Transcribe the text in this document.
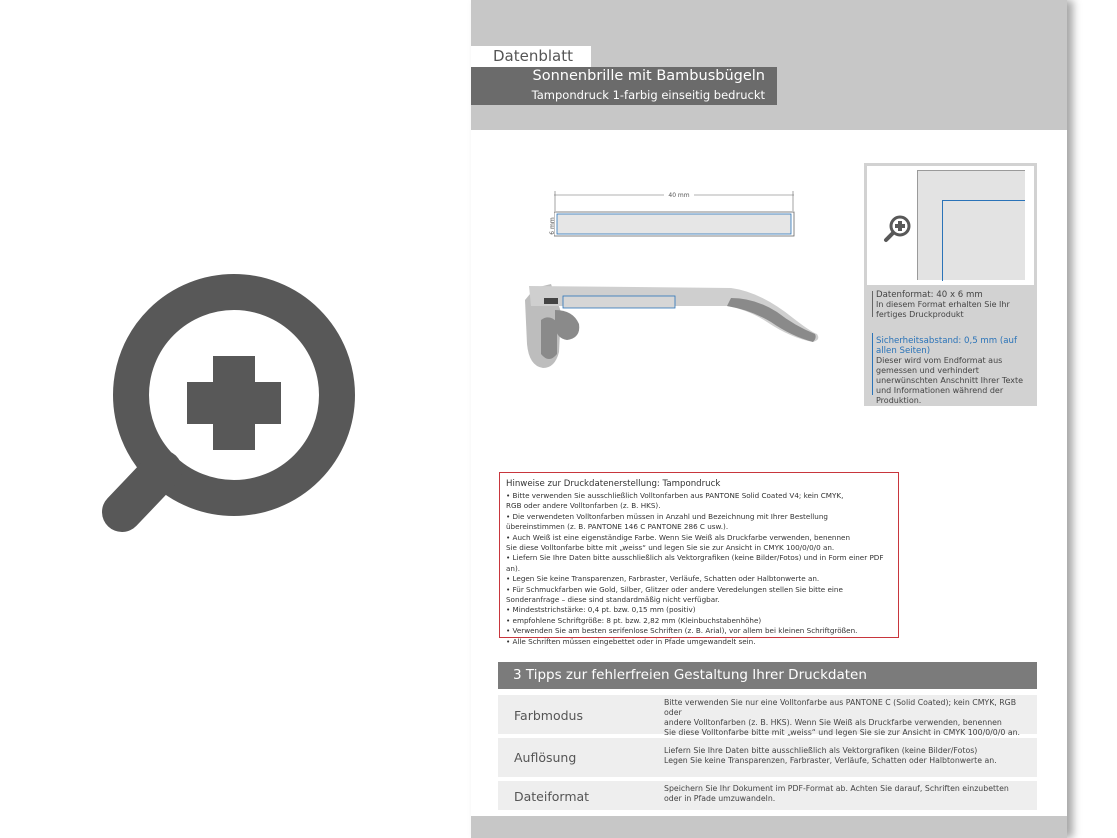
Datenblatt
Sonnenbrille mit Bambusbügeln
Tampondruck 1-farbig einseitig bedruckt
40 mm
6 mm
Datenformat: 40 x 6 mm
In diesem Format erhalten Sie Ihr fertiges Druckprodukt
Sicherheitsabstand: 0,5 mm (auf allen Seiten)
Dieser wird vom Endformat aus gemessen und verhindert unerwünschten Anschnitt Ihrer Texte und Informationen während der Produktion.
Hinweise zur Druckdatenerstellung: Tampondruck
• Bitte verwenden Sie ausschließlich Volltonfarben aus PANTONE Solid Coated V4; kein CMYK,
RGB oder andere Volltonfarben (z. B. HKS).
• Die verwendeten Volltonfarben müssen in Anzahl und Bezeichnung mit Ihrer Bestellung
übereinstimmen (z. B. PANTONE 146 C PANTONE 286 C usw.).
• Auch Weiß ist eine eigenständige Farbe. Wenn Sie Weiß als Druckfarbe verwenden, benennen
Sie diese Volltonfarbe bitte mit „weiss“ und legen Sie sie zur Ansicht in CMYK 100/0/0/0 an.
• Liefern Sie Ihre Daten bitte ausschließlich als Vektorgrafiken (keine Bilder/Fotos) und in Form einer PDF an).
• Legen Sie keine Transparenzen, Farbraster, Verläufe, Schatten oder Halbtonwerte an.
• Für Schmuckfarben wie Gold, Silber, Glitzer oder andere Veredelungen stellen Sie bitte eine
Sonderanfrage – diese sind standardmäßig nicht verfügbar.
• Mindeststrichstärke: 0,4 pt. bzw. 0,15 mm (positiv)
• empfohlene Schriftgröße: 8 pt. bzw. 2,82 mm (Kleinbuchstabenhöhe)
• Verwenden Sie am besten serifenlose Schriften (z. B. Arial), vor allem bei kleinen Schriftgrößen.
• Alle Schriften müssen eingebettet oder in Pfade umgewandelt sein.
3 Tipps zur fehlerfreien Gestaltung Ihrer Druckdaten
Farbmodus
Bitte verwenden Sie nur eine Volltonfarbe aus PANTONE C (Solid Coated); kein CMYK, RGB oder
andere Volltonfarben (z. B. HKS). Wenn Sie Weiß als Druckfarbe verwenden, benennen
Sie diese Volltonfarbe bitte mit „weiss“ und legen Sie sie zur Ansicht in CMYK 100/0/0/0 an.
Auflösung	Liefern Sie Ihre Daten bitte ausschließlich als Vektorgrafiken (keine Bilder/Fotos)
Legen Sie keine Transparenzen, Farbraster, Verläufe, Schatten oder Halbtonwerte an.
Dateiformat
Speichern Sie Ihr Dokument im PDF-Format ab. Achten Sie darauf, Schriften einzubetten
oder in Pfade umzuwandeln.
